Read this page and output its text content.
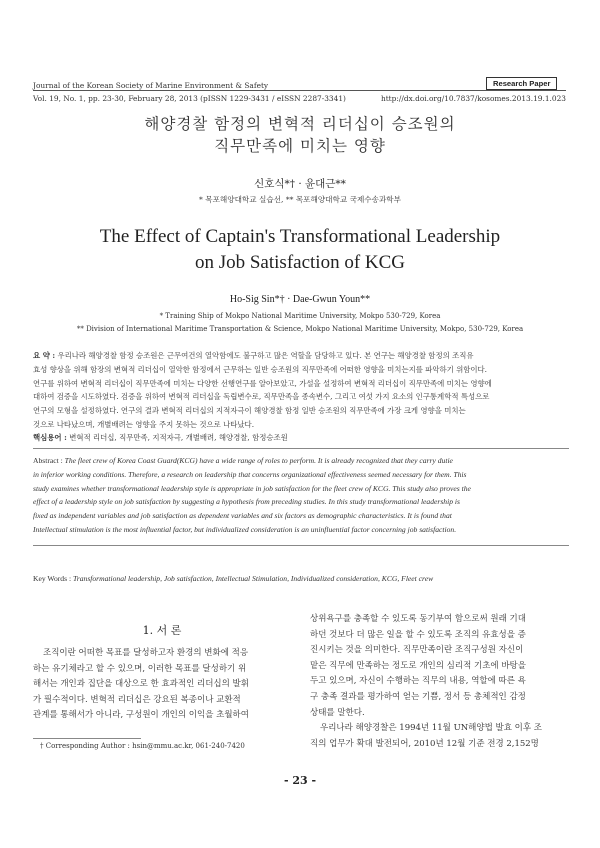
Journal of the Korean Society of Marine Environment & Safety	Research Paper
Vol. 19, No. 1, pp. 23-30, February 28, 2013 (pISSN 1229-3431 / eISSN 2287-3341)	http://dx.doi.org/10.7837/kosomes.2013.19.1.023
해양경찰 함정의 변혁적 리더십이 승조원의
직무만족에 미치는 영향
신호식*† · 윤대근**
* 목포해양대학교 실습선, ** 목포해양대학교 국제수송과학부
The Effect of Captain's Transformational Leadership
on Job Satisfaction of KCG
Ho-Sig Sin*† · Dae-Gwun Youn**
* Training Ship of Mokpo National Maritime University, Mokpo 530-729, Korea
** Division of International Maritime Transportation & Science, Mokpo National Maritime University, Mokpo, 530-729, Korea
요 약 : 우리나라 해양경찰 함정 승조원은 근무여건의 열악함에도 불구하고 많은 역할을 담당하고 있다. 본 연구는 해양경찰 함정의 조직유
효성 향상을 위해 함장의 변혁적 리더십이 열악한 함정에서 근무하는 일반 승조원의 직무만족에 어떠한 영향을 미치는지를 파악하기 위함이다.
연구를 위하여 변혁적 리더십이 직무만족에 미치는 다양한 선행연구를 알아보았고, 가설을 설정하여 변혁적 리더십이 직무만족에 미치는 영향에
대하여 검증을 시도하였다. 검증을 위하여 변혁적 리더십을 독립변수로, 직무만족을 종속변수, 그리고 여섯 가지 요소의 인구통계학적 특성으로
연구의 모형을 설정하였다. 연구의 결과 변혁적 리더십의 지적자극이 해양경찰 함정 일반 승조원의 직무만족에 가장 크게 영향을 미치는
것으로 나타났으며, 개별배려는 영향을 주지 못하는 것으로 나타났다.
핵심용어 : 변혁적 리더십, 직무만족, 지적자극, 개별배려, 해양경찰, 함정승조원
Abstract : The fleet crew of Korea Coast Guard(KCG) have a wide range of roles to perform. It is already recognized that they carry dutie
in inferior working conditions. Therefore, a research on leadership that concerns organizational effectiveness seemed necessary for them. This
study examines whether transformational leadership style is appropriate in job satisfaction for the fleet crew of KCG. This study also proves the
effect of a leadership style on job satisfaction by suggesting a hypothesis from preceding studies. In this study transformational leadership is
fixed as independent variables and job satisfaction as dependent variables and six factors as demographic characteristics. It is found that
Intellectual stimulation is the most influential factor, but individualized consideration is an uninfluential factor concerning job satisfaction.
Key Words : Transformational leadership, Job satisfaction, Intellectual Stimulation, Individualized consideration, KCG, Fleet crew
1. 서 론
조직이란 어떠한 목표를 달성하고자 환경의 변화에 적응
하는 유기체라고 할 수 있으며, 이러한 목표를 달성하기 위
해서는 개인과 집단을 대상으로 한 효과적인 리더십의 발휘
가 필수적이다. 변혁적 리더십은 강요된 복종이나 교환적
관계를 통해서가 아니라, 구성원이 개인의 이익을 초월하여
† Corresponding Author : hsin@mmu.ac.kr, 061-240-7420
상위욕구를 충족할 수 있도록 동기부여 함으로써 원래 기대
하던 것보다 더 많은 일을 할 수 있도록 조직의 유효성을 증
진시키는 것을 의미한다. 직무만족이란 조직구성원 자신이
맡은 직무에 만족하는 정도로 개인의 심리적 기초에 바탕을
두고 있으며, 자신이 수행하는 직무의 내용, 역할에 따른 욕
구 충족 결과를 평가하여 얻는 기쁨, 정서 등 총체적인 감정
상태를 말한다.
우리나라 해양경찰은 1994년 11월 UN해양법 발효 이후 조
직의 업무가 확대 발전되어, 2010년 12월 기준 전경 2,152명
- 23 -
